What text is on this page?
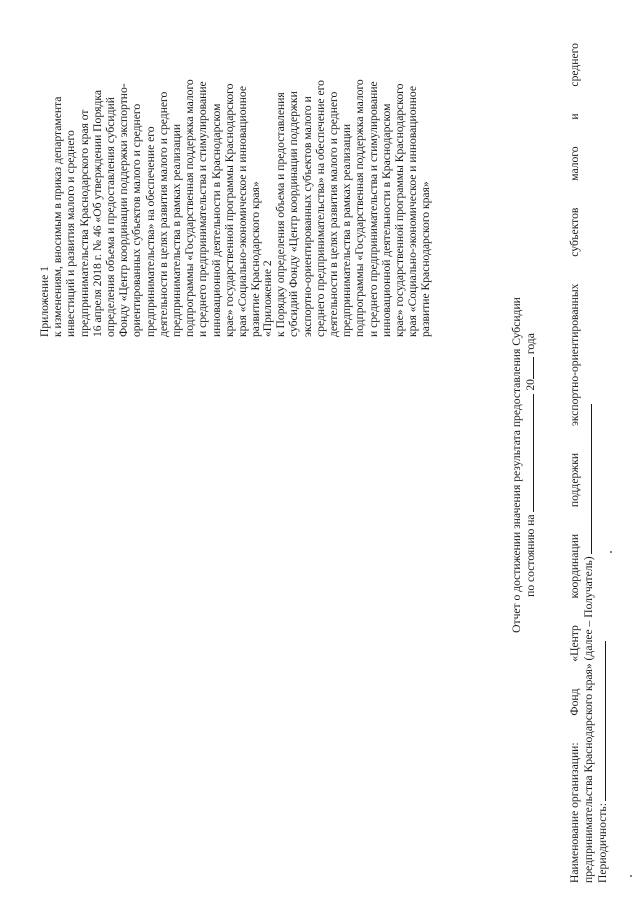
Приложение 1 к изменениям, вносимым в приказ департамента инвестиций и развития малого и среднего предпринимательства Краснодарского края от 16 апреля 2018 г. № 46 «Об утверждении Порядка определения объема и предоставления субсидий Фонду «Центр координации поддержки экспортно- ориентированных субъектов малого и среднего предпринимательства» на обеспечение его деятельности в целях развития малого и среднего предпринимательства в рамках реализации подпрограммы «Государственная поддержка малого и среднего предпринимательства и стимулирование инновационной деятельности в Краснодарском крае» государственной программы Краснодарского края «Социально-экономическое и инновационное развитие Краснодарского края»
«Приложение 2 к Порядку определения объема и предоставления субсидий Фонду «Центр координации поддержки экспортно-ориентированных субъектов малого и среднего предпринимательства» на обеспечение его деятельности в целях развития малого и среднего предпринимательства в рамках реализации подпрограммы «Государственная поддержка малого и среднего предпринимательства и стимулирование инновационной деятельности в Краснодарском крае» государственной программы Краснодарского края «Социально-экономическое и инновационное развитие Краснодарского края»
Отчет о достижении значения результата предоставления Субсидии по состоянию на  20 года
Наименование организации:
Фонд
«Центр
координации
поддержки
экспортно-ориентированных
субъектов
малого
и
среднего
предпринимательства Краснодарского края» (далее – Получатель) Периодичность:
